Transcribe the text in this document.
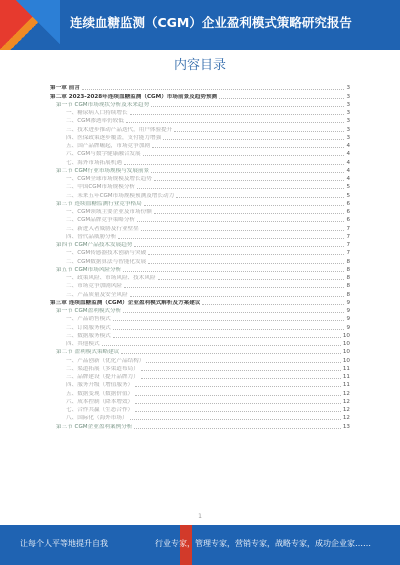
连续血糖监测（CGM）企业盈利模式策略研究报告
内容目录
第一章 前言	3
第二章 2023-2028年连续血糖监测（CGM）市场前景及趋势预测	3
第一节 CGM市场现状分析及未来趋势	3
一、糖尿病人口持续增长	3
二、CGM渗透率仍较低	3
三、技术进步推动产品迭代，用户体验提升	3
四、医保政策逐步覆盖，支付能力增强	3
五、国产品牌崛起，市场竞争加剧	4
六、CGM与数字健康融合发展	4
七、海外市场拓展机遇	4
第二节 CGM行业市场规模与发展前景	4
一、CGM全球市场规模及增长趋势	4
二、中国CGM市场规模分析	5
三、未来五年CGM市场规模预测及增长动力	5
第三节 连续血糖监测行业竞争格局	6
一、CGM领域主要企业及市场份额	6
二、CGM品牌竞争策略分析	6
三、新进入者威胁及行业壁垒	7
四、替代品威胁分析	7
第四节 CGM产品技术发展趋势	7
一、CGM传感器技术创新与突破	7
二、CGM数据算法与智能化发展	8
第五节 CGM市场风险分析	8
一、政策风险、市场风险、技术风险	8
二、市场竞争加剧风险	8
三、产品质量及安全风险	8
第三章 连续血糖监测（CGM）企业盈利模式解析及方案建议	9
第一节 CGM盈利模式分析	9
一、产品销售模式	9
二、订阅服务模式	9
三、数据服务模式	10
四、其他模式	10
第二节 盈利模式策略建议	10
一、产品创新（优化产品结构）	10
二、渠道拓展（多渠道布局）	11
三、品牌建设（提升品牌力）	11
四、服务升级（增值服务）	11
五、数据变现（数据价值）	12
六、成本控制（降本增效）	12
七、合作共赢（生态合作）	12
八、国际化（海外市场）	12
第三节 CGM企业盈利案例分析	13
1
让每个人平等地提升自我	行业专家，管理专家，营销专家，战略专家，成功企业家……
